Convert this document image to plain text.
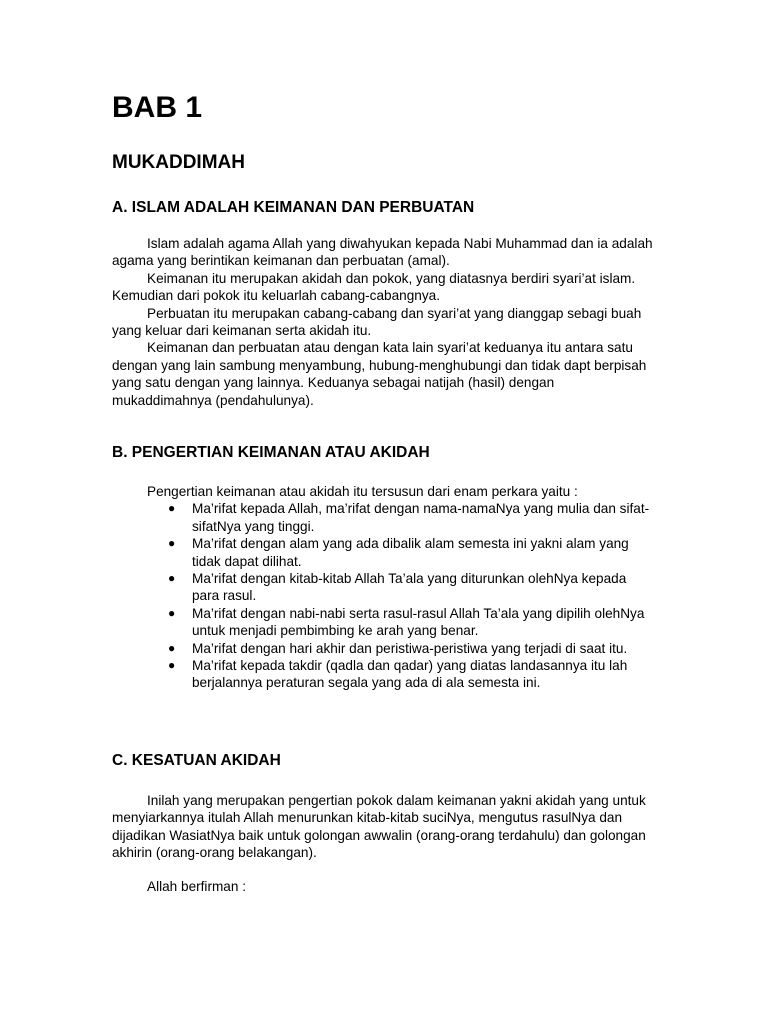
BAB 1
MUKADDIMAH
A. ISLAM ADALAH KEIMANAN DAN PERBUATAN

Islam adalah agama Allah yang diwahyukan kepada Nabi Muhammad dan ia adalah agama yang berintikan keimanan dan perbuatan (amal).

Keimanan itu merupakan akidah dan pokok, yang diatasnya berdiri syari’at islam. Kemudian dari pokok itu keluarlah cabang-cabangnya.

Perbuatan itu merupakan cabang-cabang dan syari’at yang dianggap sebagi buah yang keluar dari keimanan serta akidah itu.

Keimanan dan perbuatan atau dengan kata lain syari’at keduanya itu antara satu dengan yang lain sambung menyambung, hubung-menghubungi dan tidak dapt berpisah yang satu dengan yang lainnya. Keduanya sebagai natijah (hasil) dengan mukaddimahnya (pendahulunya).

B. PENGERTIAN KEIMANAN ATAU AKIDAH

Pengertian keimanan atau akidah itu tersusun dari enam perkara yaitu :

● Ma’rifat kepada Allah, ma’rifat dengan nama-namaNya yang mulia dan sifat-sifatNya yang tinggi.
● Ma’rifat dengan alam yang ada dibalik alam semesta ini yakni alam yang tidak dapat dilihat.
● Ma’rifat dengan kitab-kitab Allah Ta’ala yang diturunkan olehNya kepada para rasul.
● Ma’rifat dengan nabi-nabi serta rasul-rasul Allah Ta’ala yang dipilih olehNya untuk menjadi pembimbing ke arah yang benar.
● Ma’rifat dengan hari akhir dan peristiwa-peristiwa yang terjadi di saat itu.
● Ma’rifat kepada takdir (qadla dan qadar) yang diatas landasannya itu lah berjalannya peraturan segala yang ada di ala semesta ini.
C. KESATUAN AKIDAH

Inilah yang merupakan pengertian pokok dalam keimanan yakni akidah yang untuk menyiarkannya itulah Allah menurunkan kitab-kitab suciNya, mengutus rasulNya dan dijadikan WasiatNya baik untuk golongan awwalin (orang-orang terdahulu) dan golongan akhirin (orang-orang belakangan).

Allah berfirman :
